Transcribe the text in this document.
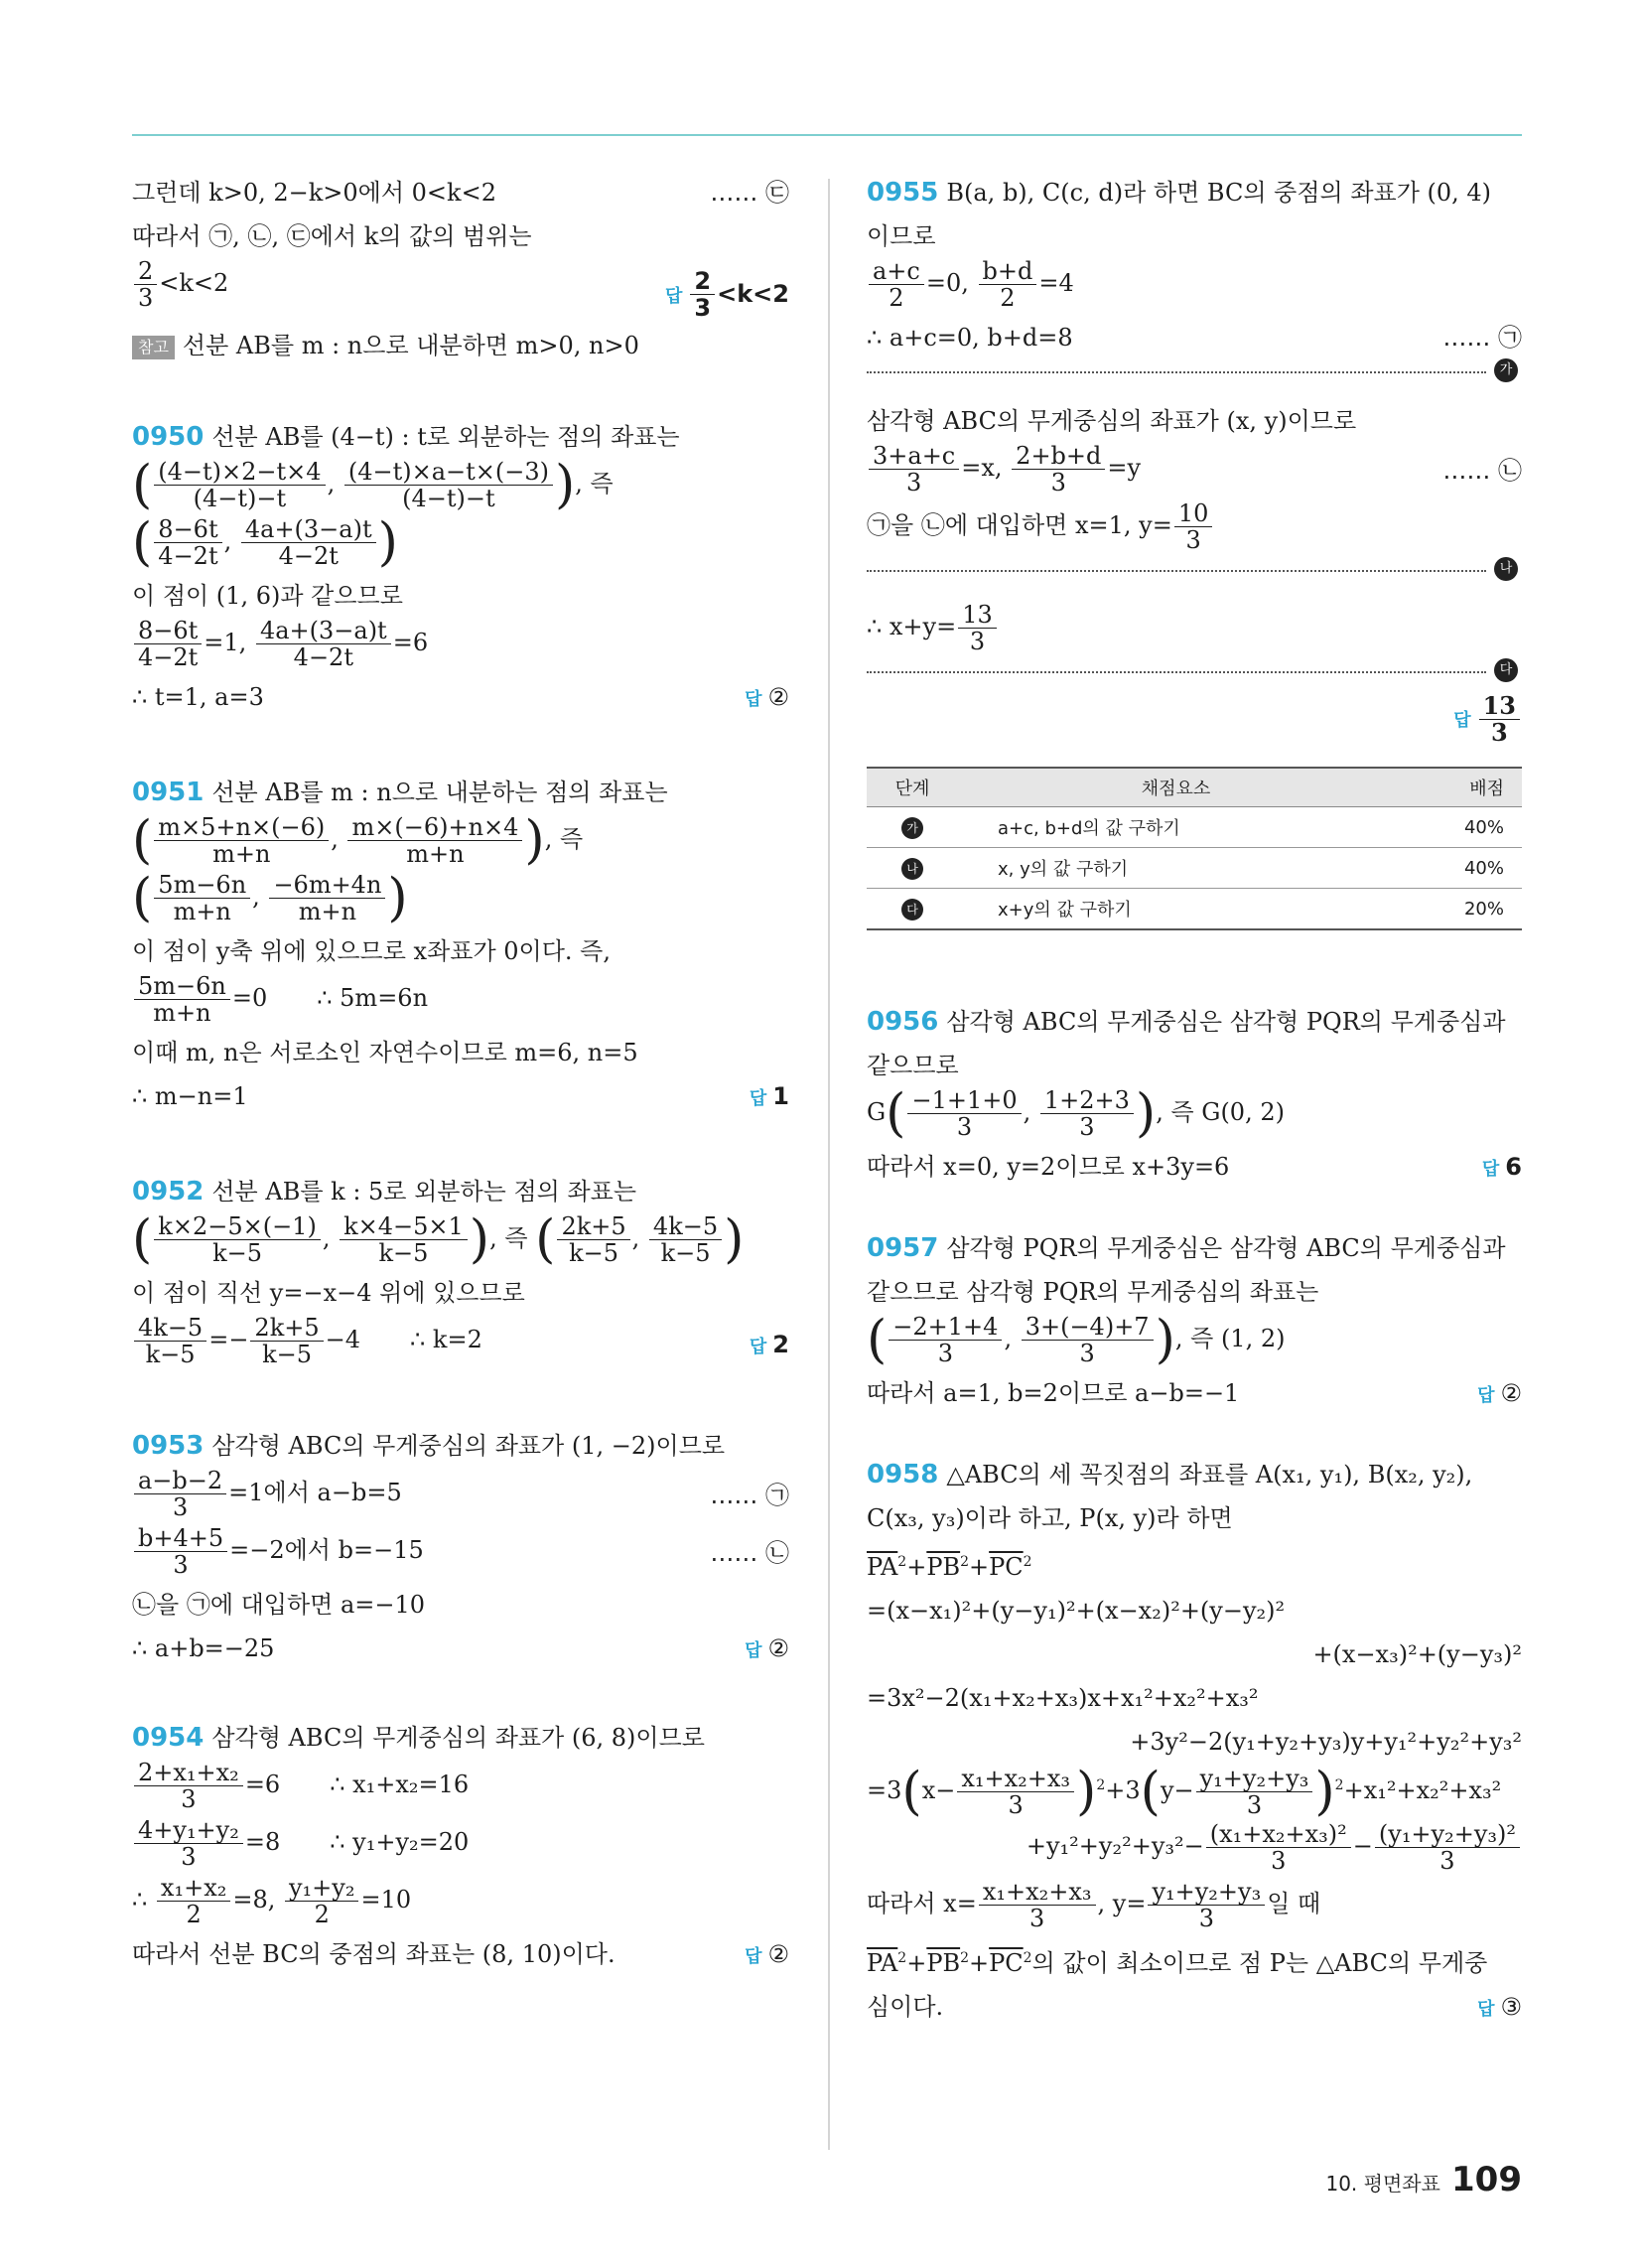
그런데 k>0, 2−k>0에서 0<k<2	…… ㉢
따라서 ㉠, ㉡, ㉢에서 k의 값의 범위는
$\frac{2}{3} <k<2$	답 $\frac{2}{3} <k<2$
참고 선분 AB를 m : n으로 내분하면 m>0, n>0
0950 선분 AB를 (4−t) : t로 외분하는 점의 좌표는
( $\frac{(4-t)\times 2-t\times 4}{(4-t)-t}$ , $\frac{(4-t)\times a-t\times(-3)}{(4-t)-t}$ ), 즉
( $\frac{8-6t}{4-2t}$ , $\frac{4a+(3-a)t}{4-2t}$ )
이 점이 (1, 6)과 같으므로
$\frac{8-6t}{4-2t} =1$, $\frac{4a+(3-a)t}{4-2t} =6$
∴ t=1, a=3	답 ②
0951 선분 AB를 m : n으로 내분하는 점의 좌표는
( $\frac{m\times 5+n\times(-6)}{m+n}$ , $\frac{m\times(-6)+n\times 4}{m+n}$ ), 즉
( $\frac{5m-6n}{m+n}$ , $\frac{-6m+4n}{m+n}$ )
이 점이 y축 위에 있으므로 x좌표가 0이다. 즉,
$\frac{5m-6n}{m+n} =0$ ∴ 5m=6n
이때 m, n은 서로소인 자연수이므로 m=6, n=5
∴ m−n=1	답 1
0952 선분 AB를 k : 5로 외분하는 점의 좌표는
( $\frac{k\times 2-5\times(-1)}{k-5}$ , $\frac{k\times 4-5\times 1}{k-5}$ ), 즉 ( $\frac{2k+5}{k-5}$ , $\frac{4k-5}{k-5}$ )
이 점이 직선 y=−x−4 위에 있으므로
$\frac{4k-5}{k-5} =- \frac{2k+5}{k-5} -4$ ∴ k=2	답 2
0953 삼각형 ABC의 무게중심의 좌표가 (1, −2)이므로
$\frac{a-b-2}{3} =1$에서 a−b=5	…… ㉠
$\frac{b+4+5}{3} =-2$에서 b=−15	…… ㉡
㉡을 ㉠에 대입하면 a=−10
∴ a+b=−25	답 ②
0954 삼각형 ABC의 무게중심의 좌표가 (6, 8)이므로
$\frac{\text{2+x₁+x₂}}{3} =6$ ∴ x₁+x₂=16
$\frac{\text{4+y₁+y₂}}{3} =8$ ∴ y₁+y₂=20
∴ $\frac{\text{x₁+x₂}}{2} =8$, $\frac{\text{y₁+y₂}}{2} =10$
따라서 선분 BC의 중점의 좌표는 (8, 10)이다.	답 ②
0955 B(a, b), C(c, d)라 하면 BC의 중점의 좌표가 (0, 4)
이므로
$\frac{a+c}{2} =0$, $\frac{b+d}{2} =4$
∴ a+c=0, b+d=8	…… ㉠
가
삼각형 ABC의 무게중심의 좌표가 (x, y)이므로
$\frac{3+a+c}{3} =x$, $\frac{2+b+d}{3} =y$	…… ㉡
㉠을 ㉡에 대입하면 x=1, $y= \frac{10}{3}$
나
∴ $x+y= \frac{13}{3}$
다
답 $\frac{13}{3}$
단계	채점요소	배점
가	a+c, b+d의 값 구하기	40%
나	x, y의 값 구하기	40%
다	x+y의 값 구하기	20%
0956 삼각형 ABC의 무게중심은 삼각형 PQR의 무게중심과
같으므로
$G( \frac{-1+1+0}{3}$ , $\frac{1+2+3}{3}$ ), 즉 G(0, 2)
따라서 x=0, y=2이므로 x+3y=6	답 6
0957 삼각형 PQR의 무게중심은 삼각형 ABC의 무게중심과
같으므로 삼각형 PQR의 무게중심의 좌표는
( $\frac{-2+1+4}{3}$ , $\frac{3+(-4)+7}{3}$ ), 즉 (1, 2)
따라서 a=1, b=2이므로 a−b=−1	답 ②
0958 △ABC의 세 꼭짓점의 좌표를 A(x₁, y₁), B(x₂, y₂),
C(x₃, y₃)이라 하고, P(x, y)라 하면
$\overline{PA}^2+\overline{PB}^2+\overline{PC}^2$
=(x−x₁)²+(y−y₁)²+(x−x₂)²+(y−y₂)²
+(x−x₃)²+(y−y₃)²
=3x²−2(x₁+x₂+x₃)x+x₁²+x₂²+x₃²
+3y²−2(y₁+y₂+y₃)y+y₁²+y₂²+y₃²
$=3(x- \frac{\text{x₁+x₂+x₃}}{3} )^2+3(y- \frac{\text{y₁+y₂+y₃}}{3} )^2+x_1^2+x_2^2+x_3^2$
$+y_1^2+y_2^2+y_3^2- \frac{\text{(x₁+x₂+x₃)²}}{3} - \frac{\text{(y₁+y₂+y₃)²}}{3}$
따라서 $x= \frac{\text{x₁+x₂+x₃}}{3}$ , $y= \frac{\text{y₁+y₂+y₃}}{3}$ 일 때
$\overline{PA}^2+\overline{PB}^2+\overline{PC}^2$의 값이 최소이므로 점 P는 △ABC의 무게중
심이다.	답 ③
10. 평면좌표 109
